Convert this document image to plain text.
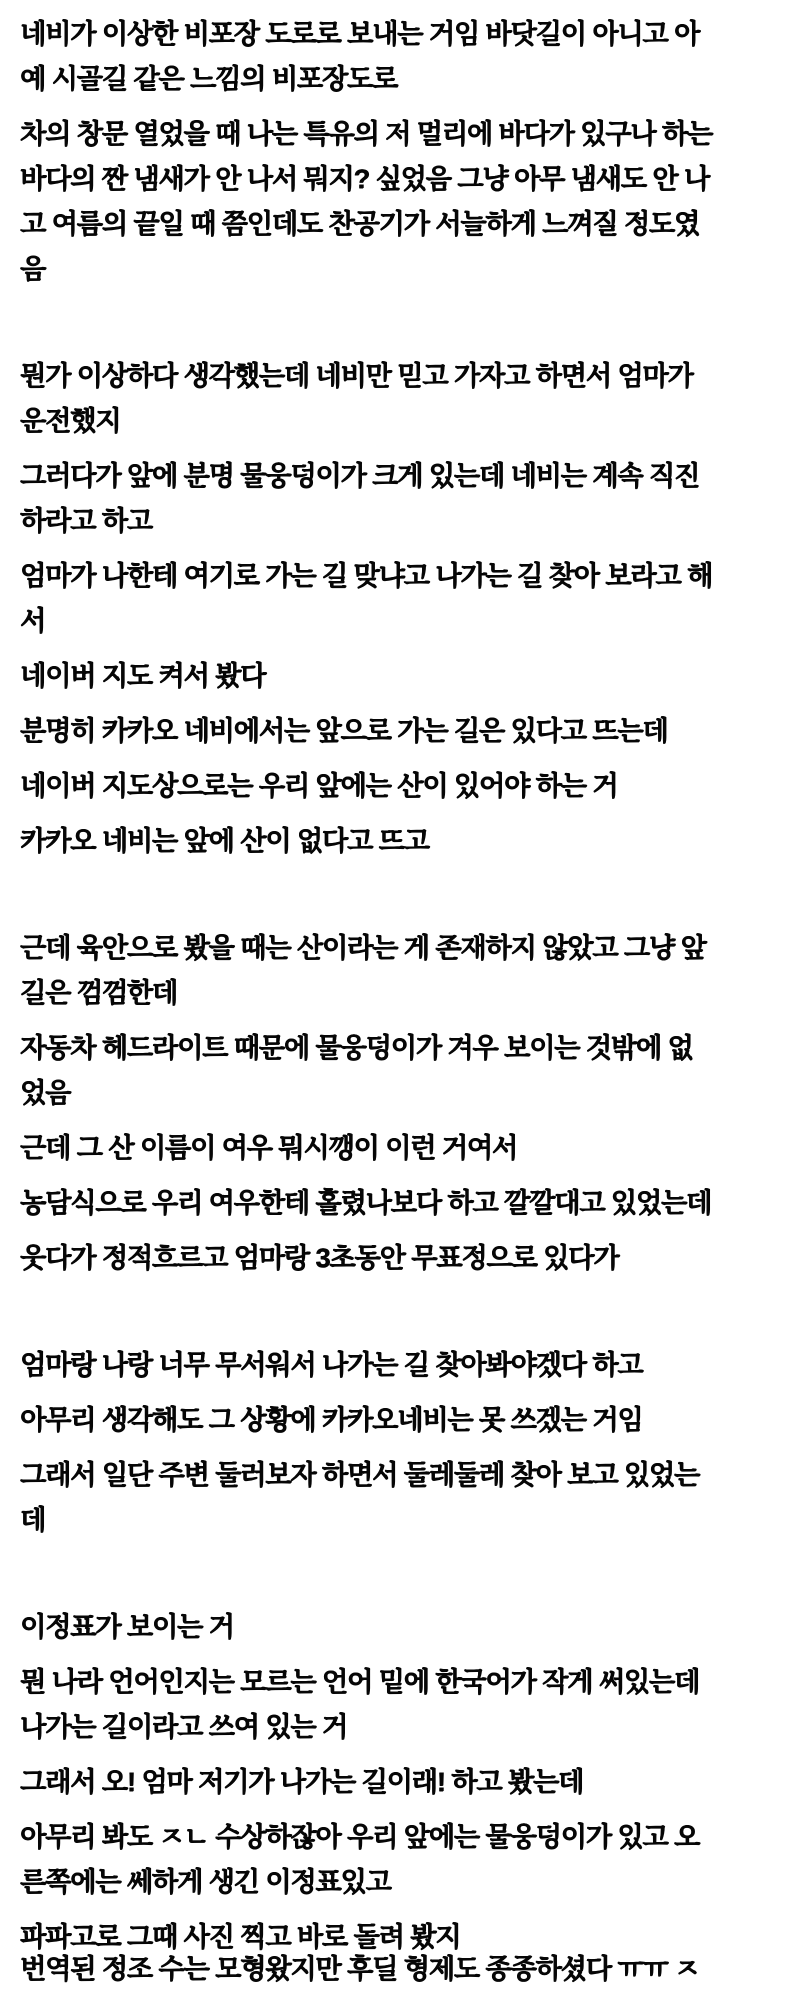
네비가 이상한 비포장 도로로 보내는 거임 바닷길이 아니고 아
예 시골길 같은 느낌의 비포장도로
차의 창문 열었을 때 나는 특유의 저 멀리에 바다가 있구나 하는
바다의 짠 냄새가 안 나서 뭐지? 싶었음 그냥 아무 냄새도 안 나
고 여름의 끝일 때 쯤인데도 찬공기가 서늘하게 느껴질 정도였
음
뭔가 이상하다 생각했는데 네비만 믿고 가자고 하면서 엄마가
운전했지
그러다가 앞에 분명 물웅덩이가 크게 있는데 네비는 계속 직진
하라고 하고
엄마가 나한테 여기로 가는 길 맞냐고 나가는 길 찾아 보라고 해
서
네이버 지도 켜서 봤다
분명히 카카오 네비에서는 앞으로 가는 길은 있다고 뜨는데
네이버 지도상으로는 우리 앞에는 산이 있어야 하는 거
카카오 네비는 앞에 산이 없다고 뜨고
근데 육안으로 봤을 때는 산이라는 게 존재하지 않았고 그냥 앞
길은 껌껌한데
자동차 헤드라이트 때문에 물웅덩이가 겨우 보이는 것밖에 없
었음
근데 그 산 이름이 여우 뭐시깽이 이런 거여서
농담식으로 우리 여우한테 홀렸나보다 하고 깔깔대고 있었는데
웃다가 정적흐르고 엄마랑 3초동안 무표정으로 있다가
엄마랑 나랑 너무 무서워서 나가는 길 찾아봐야겠다 하고
아무리 생각해도 그 상황에 카카오네비는 못 쓰겠는 거임
그래서 일단 주변 둘러보자 하면서 둘레둘레 찾아 보고 있었는
데
이정표가 보이는 거
뭔 나라 언어인지는 모르는 언어 밑에 한국어가 작게 써있는데
나가는 길이라고 쓰여 있는 거
그래서 오! 엄마 저기가 나가는 길이래! 하고 봤는데
아무리 봐도 ㅈㄴ 수상하잖아 우리 앞에는 물웅덩이가 있고 오
른쪽에는 쎄하게 생긴 이정표있고
파파고로 그때 사진 찍고 바로 돌려 봤지
번역된 정조 수는 모형왔지만 후딜 형제도 종종하셨다 ㅠㅠ ㅈ
